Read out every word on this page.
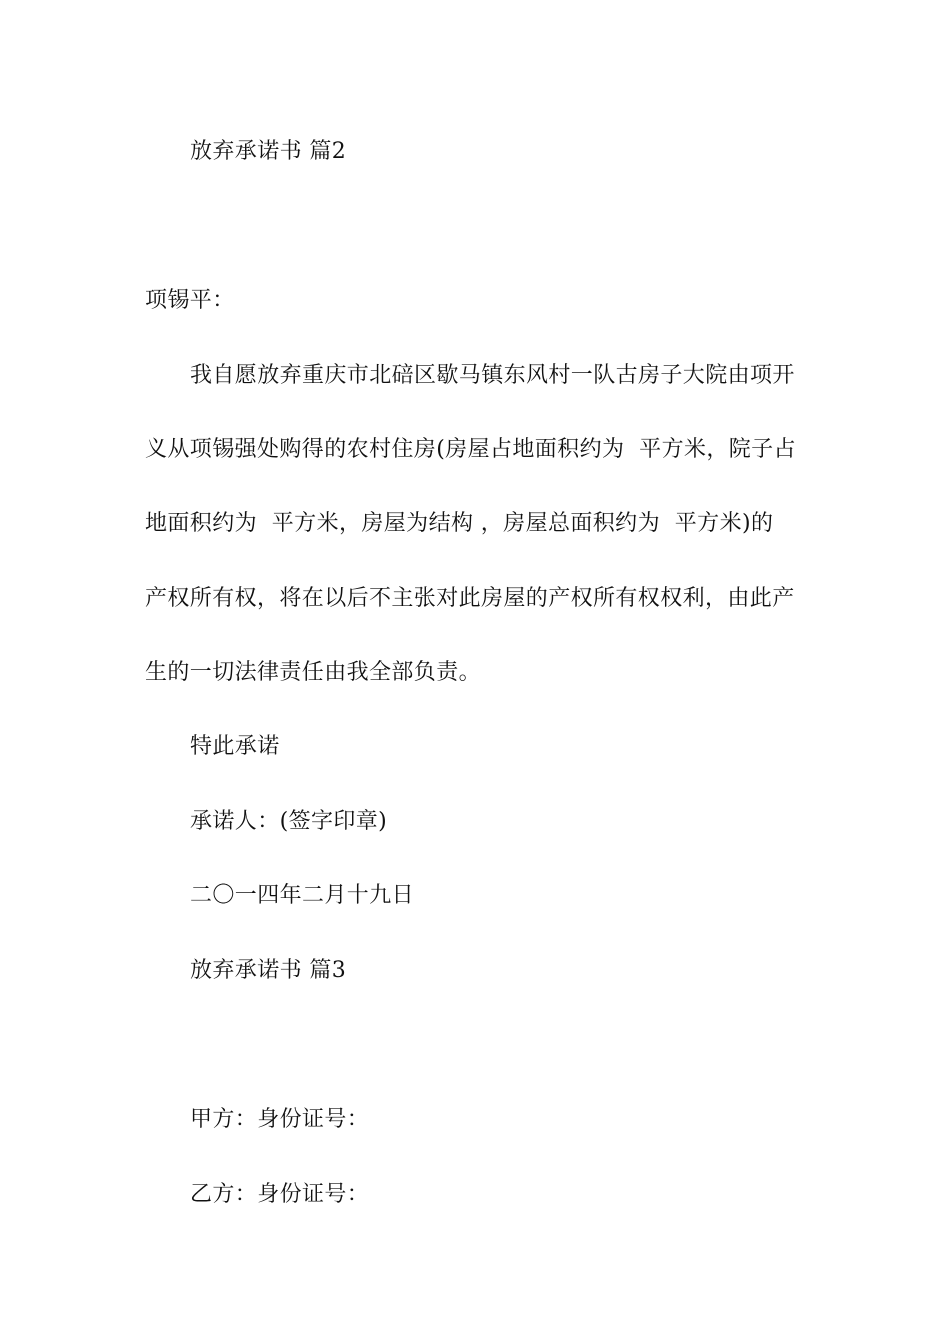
放弃承诺书 篇2
项锡平：
我自愿放弃重庆市北碚区歇马镇东风村一队古房子大院由项开
义从项锡强处购得的农村住房(房屋占地面积约为  平方米，院子占
地面积约为  平方米，房屋为结构 ，房屋总面积约为  平方米)的
产权所有权，将在以后不主张对此房屋的产权所有权权利，由此产
生的一切法律责任由我全部负责。
特此承诺
承诺人：(签字印章)
二〇一四年二月十九日
放弃承诺书 篇3
甲方：身份证号：
乙方：身份证号：
